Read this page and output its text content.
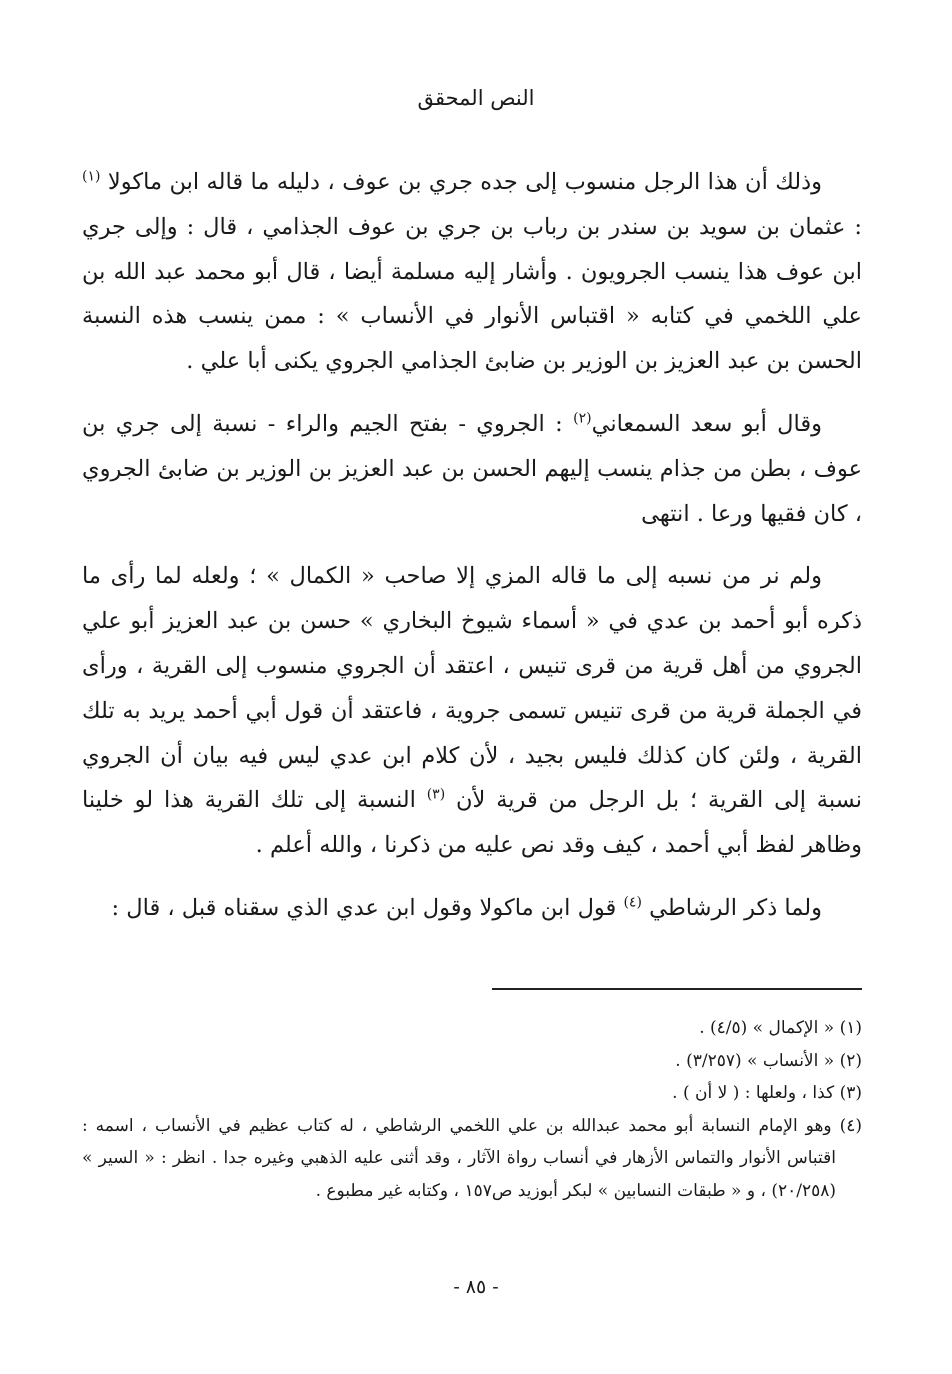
النص المحقق

وذلك أن هذا الرجل منسوب إلى جده جري بن عوف ، دليله ما قاله ابن ماكولا $^{(١)}$ : عثمان بن سويد بن سندر بن رباب بن جري بن عوف الجذامي ، قال : وإلى جري ابن عوف هذا ينسب الجرويون . وأشار إليه مسلمة أيضا ، قال أبو محمد عبد الله بن علي اللخمي في كتابه « اقتباس الأنوار في الأنساب » : ممن ينسب هذه النسبة الحسن بن عبد العزيز بن الوزير بن ضابئ الجذامي الجروي يكنى أبا علي .

وقال أبو سعد السمعاني$^{(٢)}$ : الجروي - بفتح الجيم والراء - نسبة إلى جري بن عوف ، بطن من جذام ينسب إليهم الحسن بن عبد العزيز بن الوزير بن ضابئ الجروي ، كان فقيها ورعا . انتهى

ولم نر من نسبه إلى ما قاله المزي إلا صاحب « الكمال » ؛ ولعله لما رأى ما ذكره أبو أحمد بن عدي في « أسماء شيوخ البخاري » حسن بن عبد العزيز أبو علي الجروي من أهل قرية من قرى تنيس ، اعتقد أن الجروي منسوب إلى القرية ، ورأى في الجملة قرية من قرى تنيس تسمى جروية ، فاعتقد أن قول أبي أحمد يريد به تلك القرية ، ولئن كان كذلك فليس بجيد ، لأن كلام ابن عدي ليس فيه بيان أن الجروي نسبة إلى القرية ؛ بل الرجل من قرية لأن $^{(٣)}$ النسبة إلى تلك القرية هذا لو خلينا وظاهر لفظ أبي أحمد ، كيف وقد نص عليه من ذكرنا ، والله أعلم .

ولما ذكر الرشاطي $^{(٤)}$ قول ابن ماكولا وقول ابن عدي الذي سقناه قبل ، قال :

(١) « الإكمال » (٤/٥) .

(٢) « الأنساب » (٣/٢٥٧) .

(٣) كذا ، ولعلها : ( لا أن ) .

(٤) وهو الإمام النسابة أبو محمد عبدالله بن علي اللخمي الرشاطي ، له كتاب عظيم في الأنساب ، اسمه : اقتباس الأنوار والتماس الأزهار في أنساب رواة الآثار ، وقد أثنى عليه الذهبي وغيره جدا . انظر : « السير » (٢٠/٢٥٨) ، و « طبقات النسابين » لبكر أبوزيد ص١٥٧ ، وكتابه غير مطبوع .

- ٨٥ -
